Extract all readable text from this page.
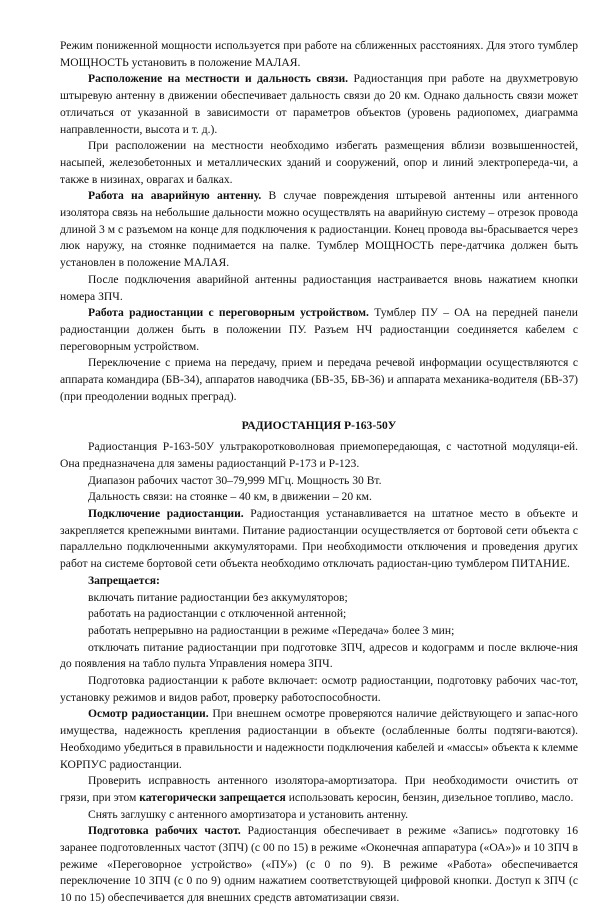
Режим пониженной мощности используется при работе на сближенных расстояниях. Для этого тумблер МОЩНОСТЬ установить в положение МАЛАЯ.

Расположение на местности и дальность связи. Радиостанция при работе на двухметровую штыревую антенну в движении обеспечивает дальность связи до 20 км. Однако дальность связи может отличаться от указанной в зависимости от параметров объектов (уровень радиопомех, диаграмма направленности, высота и т. д.).

При расположении на местности необходимо избегать размещения вблизи возвышенностей, насыпей, железобетонных и металлических зданий и сооружений, опор и линий электропереда-чи, а также в низинах, оврагах и балках.

Работа на аварийную антенну. В случае повреждения штыревой антенны или антенного изолятора связь на небольшие дальности можно осуществлять на аварийную систему – отрезок провода длиной 3 м с разъемом на конце для подключения к радиостанции. Конец провода вы-брасывается через люк наружу, на стоянке поднимается на палке. Тумблер МОЩНОСТЬ пере-датчика должен быть установлен в положение МАЛАЯ.

После подключения аварийной антенны радиостанция настраивается вновь нажатием кнопки номера ЗПЧ.

Работа радиостанции с переговорным устройством. Тумблер ПУ – ОА на передней панели радиостанции должен быть в положении ПУ. Разъем НЧ радиостанции соединяется кабелем с переговорным устройством.

Переключение с приема на передачу, прием и передача речевой информации осуществляются с аппарата командира (БВ-34), аппаратов наводчика (БВ-35, БВ-36) и аппарата механика-водителя (БВ-37) (при преодолении водных преград).

РАДИОСТАНЦИЯ Р-163-50У

Радиостанция Р-163-50У ультракоротковолновая приемопередающая, с частотной модуляци-ей. Она предназначена для замены радиостанций Р-173 и Р-123.

Диапазон рабочих частот 30–79,999 МГц. Мощность 30 Вт.

Дальность связи: на стоянке – 40 км, в движении – 20 км.

Подключение радиостанции. Радиостанция устанавливается на штатное место в объекте и закрепляется крепежными винтами. Питание радиостанции осуществляется от бортовой сети объекта с параллельно подключенными аккумуляторами. При необходимости отключения и проведения других работ на системе бортовой сети объекта необходимо отключать радиостан-цию тумблером ПИТАНИЕ.

Запрещается:

включать питание радиостанции без аккумуляторов;

работать на радиостанции с отключенной антенной;

работать непрерывно на радиостанции в режиме «Передача» более 3 мин;

отключать питание радиостанции при подготовке ЗПЧ, адресов и кодограмм и после включе-ния до появления на табло пульта Управления номера ЗПЧ.

Подготовка радиостанции к работе включает: осмотр радиостанции, подготовку рабочих час-тот, установку режимов и видов работ, проверку работоспособности.

Осмотр радиостанции. При внешнем осмотре проверяются наличие действующего и запас-ного имущества, надежность крепления радиостанции в объекте (ослабленные болты подтяги-ваются). Необходимо убедиться в правильности и надежности подключения кабелей и «массы» объекта к клемме КОРПУС радиостанции.

Проверить исправность антенного изолятора-амортизатора. При необходимости очистить от грязи, при этом категорически запрещается использовать керосин, бензин, дизельное топливо, масло.

Снять заглушку с антенного амортизатора и установить антенну.

Подготовка рабочих частот. Радиостанция обеспечивает в режиме «Запись» подготовку 16 заранее подготовленных частот (ЗПЧ) (с 00 по 15) в режиме «Оконечная аппаратура («ОА»)» и 10 ЗПЧ в режиме «Переговорное устройство» («ПУ») (с 0 по 9). В режиме «Работа» обеспечивается переключение 10 ЗПЧ (с 0 по 9) одним нажатием соответствующей цифровой кнопки. Доступ к ЗПЧ (с 10 по 15) обеспечивается для внешних средств автоматизации связи.
